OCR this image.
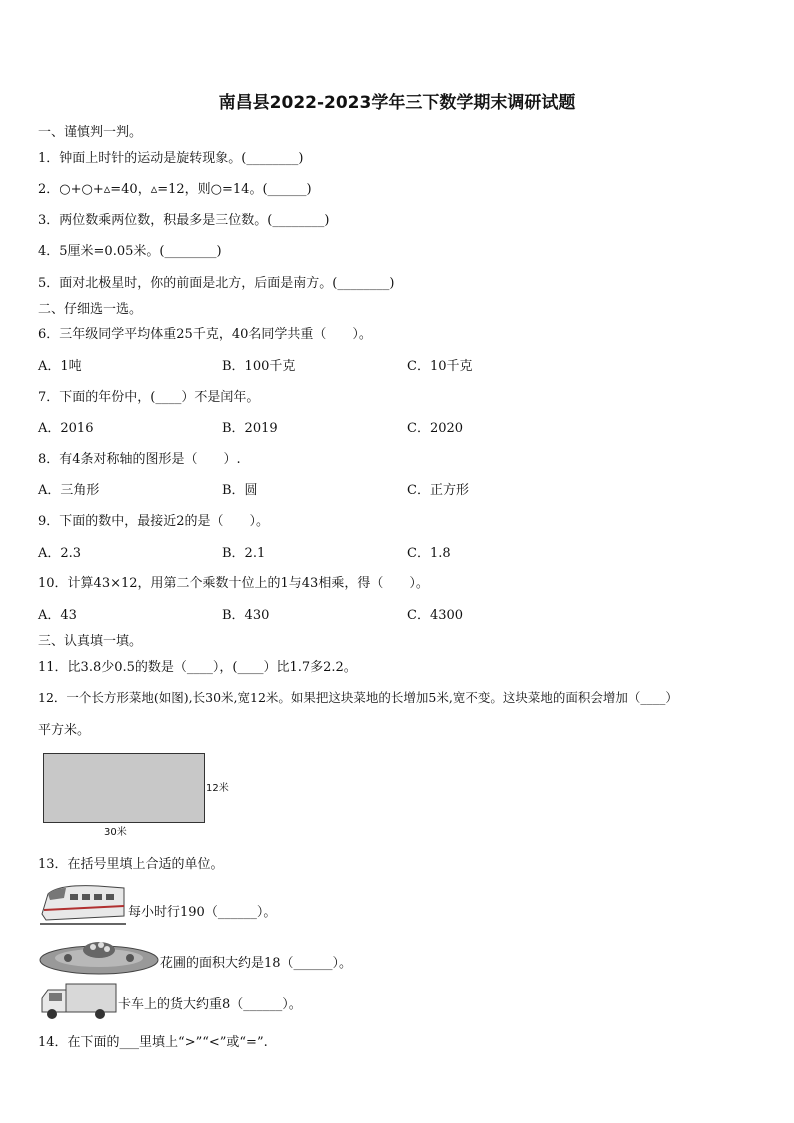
南昌县2022-2023学年三下数学期末调研试题
一、谨慎判一判。
1．钟面上时针的运动是旋转现象。(________)
2．○+○+▵=40，▵=12，则○=14。(______)
3．两位数乘两位数，积最多是三位数。(________)
4．5厘米=0.05米。(________)
5．面对北极星时，你的前面是北方，后面是南方。(________)
二、仔细选一选。
6．三年级同学平均体重25千克，40名同学共重（　　）。
A．1吨	B．100千克	C．10千克
7．下面的年份中，(____）不是闰年。
A．2016	B．2019	C．2020
8．有4条对称轴的图形是（　　）.
A．三角形	B．圆	C．正方形
9．下面的数中，最接近2的是（　　）。
A．2.3	B．2.1	C．1.8
10．计算43×12，用第二个乘数十位上的1与43相乘，得（　　）。
A．43	B．430	C．4300
三、认真填一填。
11．比3.8少0.5的数是（____），(____）比1.7多2.2。
12．一个长方形菜地(如图),长30米,宽12米。如果把这块菜地的长增加5米,宽不变。这块菜地的面积会增加（____）
平方米。
12米
30米
13．在括号里填上合适的单位。
每小时行190（______）。
花圃的面积大约是18（______）。
卡车上的货大约重8（______）。
14．在下面的___里填上“>”“<”或“=”.
